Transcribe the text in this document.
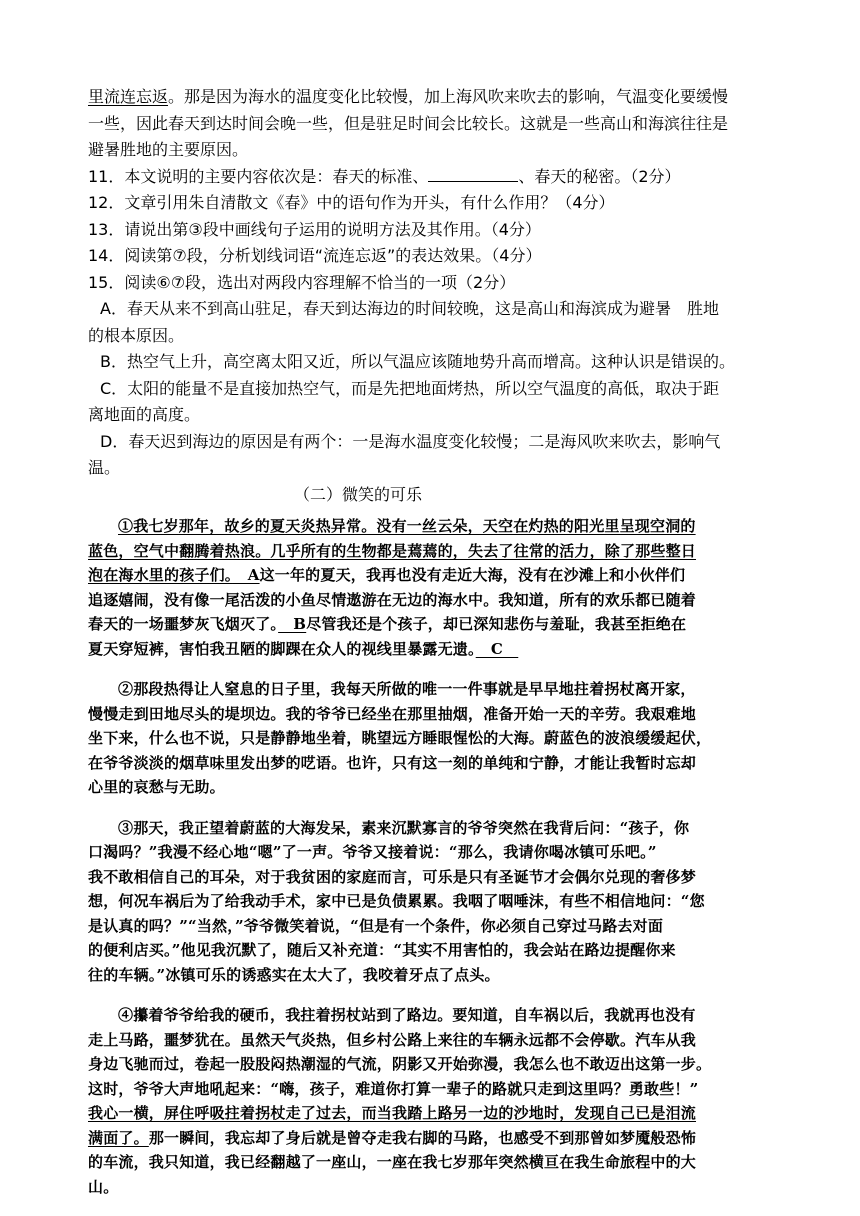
里流连忘返。那是因为海水的温度变化比较慢，加上海风吹来吹去的影响，气温变化要缓慢
一些，因此春天到达时间会晚一些，但是驻足时间会比较长。这就是一些高山和海滨往往是
避暑胜地的主要原因。
11．本文说明的主要内容依次是：春天的标准、	、春天的秘密。（2分）
12．文章引用朱自清散文《春》中的语句作为开头，有什么作用？（4分）
13．请说出第③段中画线句子运用的说明方法及其作用。（4分）
14．阅读第⑦段，分析划线词语“流连忘返”的表达效果。（4分）
15．阅读⑥⑦段，选出对两段内容理解不恰当的一项（2分）
A．春天从来不到高山驻足，春天到达海边的时间较晚，这是高山和海滨成为避暑　胜地
的根本原因。
B．热空气上升，高空离太阳又近，所以气温应该随地势升高而增高。这种认识是错误的。
C．太阳的能量不是直接加热空气，而是先把地面烤热，所以空气温度的高低，取决于距
离地面的高度。
D．春天迟到海边的原因是有两个：一是海水温度变化较慢；二是海风吹来吹去，影响气
温。
（二）微笑的可乐
①我七岁那年，故乡的夏天炎热异常。没有一丝云朵，天空在灼热的阳光里呈现空洞的
蓝色，空气中翻腾着热浪。几乎所有的生物都是蔫蔫的，失去了往常的活力，除了那些整日
泡在海水里的孩子们。　A这一年的夏天，我再也没有走近大海，没有在沙滩上和小伙伴们
追逐嬉闹，没有像一尾活泼的小鱼尽情遨游在无边的海水中。我知道，所有的欢乐都已随着
春天的一场噩梦灰飞烟灭了。　B尽管我还是个孩子，却已深知悲伤与羞耻，我甚至拒绝在
夏天穿短裤，害怕我丑陋的脚踝在众人的视线里暴露无遗。　C　
②那段热得让人窒息的日子里，我每天所做的唯一一件事就是早早地拄着拐杖离开家，
慢慢走到田地尽头的堤坝边。我的爷爷已经坐在那里抽烟，准备开始一天的辛劳。我艰难地
坐下来，什么也不说，只是静静地坐着，眺望远方睡眼惺忪的大海。蔚蓝色的波浪缓缓起伏，
在爷爷淡淡的烟草味里发出梦的呓语。也许，只有这一刻的单纯和宁静，才能让我暂时忘却
心里的哀愁与无助。
③那天，我正望着蔚蓝的大海发呆，素来沉默寡言的爷爷突然在我背后问：“孩子，你
口渴吗？”我漫不经心地“嗯”了一声。爷爷又接着说：“那么，我请你喝冰镇可乐吧。”
我不敢相信自己的耳朵，对于我贫困的家庭而言，可乐是只有圣诞节才会偶尔兑现的奢侈梦
想，何况车祸后为了给我动手术，家中已是负债累累。我咽了咽唾沫，有些不相信地问：“您
是认真的吗？”“当然，”爷爷微笑着说，“但是有一个条件，你必须自己穿过马路去对面
的便利店买。”他见我沉默了，随后又补充道：“其实不用害怕的，我会站在路边提醒你来
往的车辆。”冰镇可乐的诱惑实在太大了，我咬着牙点了点头。
④攥着爷爷给我的硬币，我拄着拐杖站到了路边。要知道，自车祸以后，我就再也没有
走上马路，噩梦犹在。虽然天气炎热，但乡村公路上来往的车辆永远都不会停歇。汽车从我
身边飞驰而过，卷起一股股闷热潮湿的气流，阴影又开始弥漫，我怎么也不敢迈出这第一步。
这时，爷爷大声地吼起来：“嗨，孩子，难道你打算一辈子的路就只走到这里吗？勇敢些！”
我心一横，屏住呼吸拄着拐杖走了过去，而当我踏上路另一边的沙地时，发现自己已是泪流
满面了。那一瞬间，我忘却了身后就是曾夺走我右脚的马路，也感受不到那曾如梦魇般恐怖
的车流，我只知道，我已经翻越了一座山，一座在我七岁那年突然横亘在我生命旅程中的大
山。
